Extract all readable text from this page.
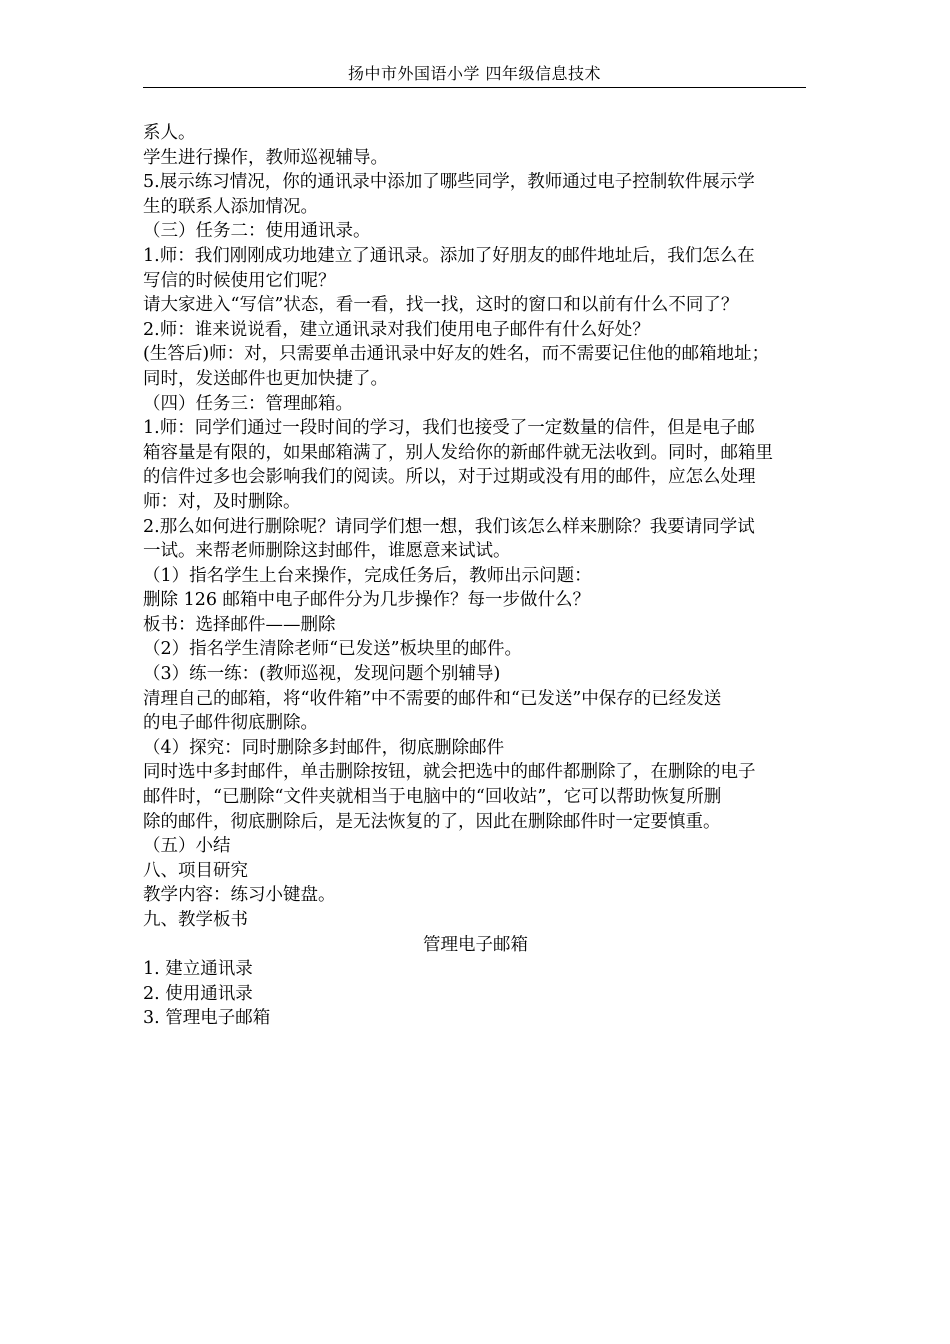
扬中市外国语小学 四年级信息技术
系人。
学生进行操作，教师巡视辅导。
5.展示练习情况，你的通讯录中添加了哪些同学，教师通过电子控制软件展示学
生的联系人添加情况。
（三）任务二：使用通讯录。
1.师：我们刚刚成功地建立了通讯录。添加了好朋友的邮件地址后，我们怎么在
写信的时候使用它们呢？
请大家进入“写信”状态，看一看，找一找，这时的窗口和以前有什么不同了？
2.师：谁来说说看，建立通讯录对我们使用电子邮件有什么好处？
(生答后)师：对，只需要单击通讯录中好友的姓名，而不需要记住他的邮箱地址；
同时，发送邮件也更加快捷了。
（四）任务三：管理邮箱。
1.师：同学们通过一段时间的学习，我们也接受了一定数量的信件，但是电子邮
箱容量是有限的，如果邮箱满了，别人发给你的新邮件就无法收到。同时，邮箱里
的信件过多也会影响我们的阅读。所以，对于过期或没有用的邮件，应怎么处理
师：对，及时删除。
2.那么如何进行删除呢？请同学们想一想，我们该怎么样来删除？我要请同学试
一试。来帮老师删除这封邮件，谁愿意来试试。
（1）指名学生上台来操作，完成任务后，教师出示问题：
删除 126 邮箱中电子邮件分为几步操作？每一步做什么？
板书：选择邮件——删除
（2）指名学生清除老师“已发送”板块里的邮件。
（3）练一练：(教师巡视，发现问题个别辅导)
清理自己的邮箱，将“收件箱”中不需要的邮件和“已发送”中保存的已经发送
的电子邮件彻底删除。
（4）探究：同时删除多封邮件，彻底删除邮件
同时选中多封邮件，单击删除按钮，就会把选中的邮件都删除了，在删除的电子
邮件时，“已删除“文件夹就相当于电脑中的“回收站”，它可以帮助恢复所删
除的邮件，彻底删除后，是无法恢复的了，因此在删除邮件时一定要慎重。
（五）小结
八、项目研究
教学内容：练习小键盘。
九、教学板书
管理电子邮箱
1. 建立通讯录
2. 使用通讯录
3. 管理电子邮箱
